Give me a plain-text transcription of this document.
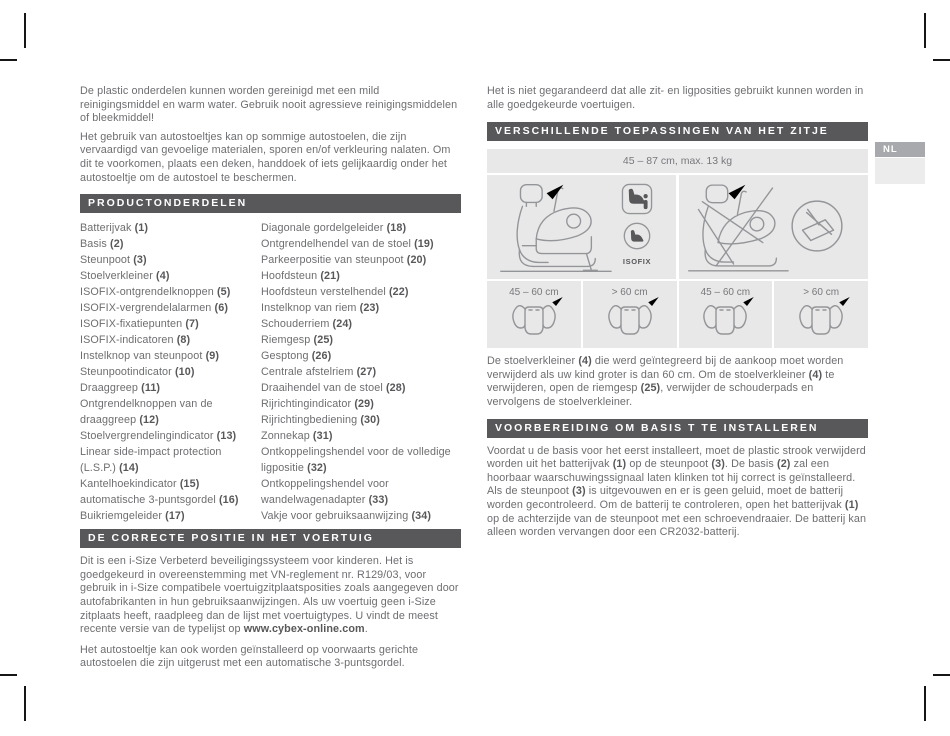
NL

De plastic onderdelen kunnen worden gereinigd met een mild reinigingsmiddel en warm water. Gebruik nooit agressieve reinigingsmiddelen of bleekmiddel!

Het gebruik van autostoeltjes kan op sommige autostoelen, die zijn vervaardigd van gevoelige materialen, sporen en/of verkleuring nalaten. Om dit te voorkomen, plaats een deken, handdoek of iets gelijkaardig onder het autostoeltje om de autostoel te beschermen.

PRODUCTONDERDELEN
Batterijvak (1)
Basis (2)
Steunpoot (3)
Stoelverkleiner (4)
ISOFIX-ontgrendelknoppen (5)
ISOFIX-vergrendelalarmen (6)
ISOFIX-fixatiepunten (7)
ISOFIX-indicatoren (8)
Instelknop van steunpoot (9)
Steunpootindicator (10)
Draaggreep (11)
Ontgrendelknoppen van de draaggreep (12)
Stoelvergrendelingindicator (13)
Linear side-impact protection (L.S.P.) (14)
Kantelhoekindicator (15)
automatische 3-puntsgordel (16)
Buikriemgeleider (17)
Diagonale gordelgeleider (18)
Ontgrendelhendel van de stoel (19)
Parkeerpositie van steunpoot (20)
Hoofdsteun (21)
Hoofdsteun verstelhendel (22)
Instelknop van riem (23)
Schouderriem (24)
Riemgesp (25)
Gesptong (26)
Centrale afstelriem (27)
Draaihendel van de stoel (28)
Rijrichtingindicator (29)
Rijrichtingbediening (30)
Zonnekap (31)
Ontkoppelingshendel voor de volledige ligpositie (32)
Ontkoppelingshendel voor wandelwagenadapter (33)
Vakje voor gebruiksaanwijzing (34)
DE CORRECTE POSITIE IN HET VOERTUIG

Dit is een i-Size Verbeterd beveiligingssysteem voor kinderen. Het is goedgekeurd in overeenstemming met VN-reglement nr. R129/03, voor gebruik in i-Size compatibele voertuigzitplaatsposities zoals aangegeven door autofabrikanten in hun gebruiksaanwijzingen. Als uw voertuig geen i-Size zitplaats heeft, raadpleeg dan de lijst met voertuigtypes. U vindt de meest recente versie van de typelijst op www.cybex-online.com.

Het autostoeltje kan ook worden geïnstalleerd op voorwaarts gerichte autostoelen die zijn uitgerust met een automatische 3-puntsgordel.

Het is niet gegarandeerd dat alle zit- en ligposities gebruikt kunnen worden in alle goedgekeurde voertuigen.

VERSCHILLENDE TOEPASSINGEN VAN HET ZITJE
45 – 87 cm, max. 13 kg
ISOFIX
45 – 60 cm	> 60 cm	45 – 60 cm	> 60 cm

De stoelverkleiner (4) die werd geïntegreerd bij de aankoop moet worden verwijderd als uw kind groter is dan 60 cm. Om de stoelverkleiner (4) te verwijderen, open de riemgesp (25), verwijder de schouderpads en vervolgens de stoelverkleiner.

VOORBEREIDING OM BASIS T TE INSTALLEREN

Voordat u de basis voor het eerst installeert, moet de plastic strook verwijderd worden uit het batterijvak (1) op de steunpoot (3). De basis (2) zal een hoorbaar waarschuwingssignaal laten klinken tot hij correct is geïnstalleerd. Als de steunpoot (3) is uitgevouwen en er is geen geluid, moet de batterij worden gecontroleerd. Om de batterij te controleren, open het batterijvak (1) op de achterzijde van de steunpoot met een schroevendraaier. De batterij kan alleen worden vervangen door een CR2032-batterij.
